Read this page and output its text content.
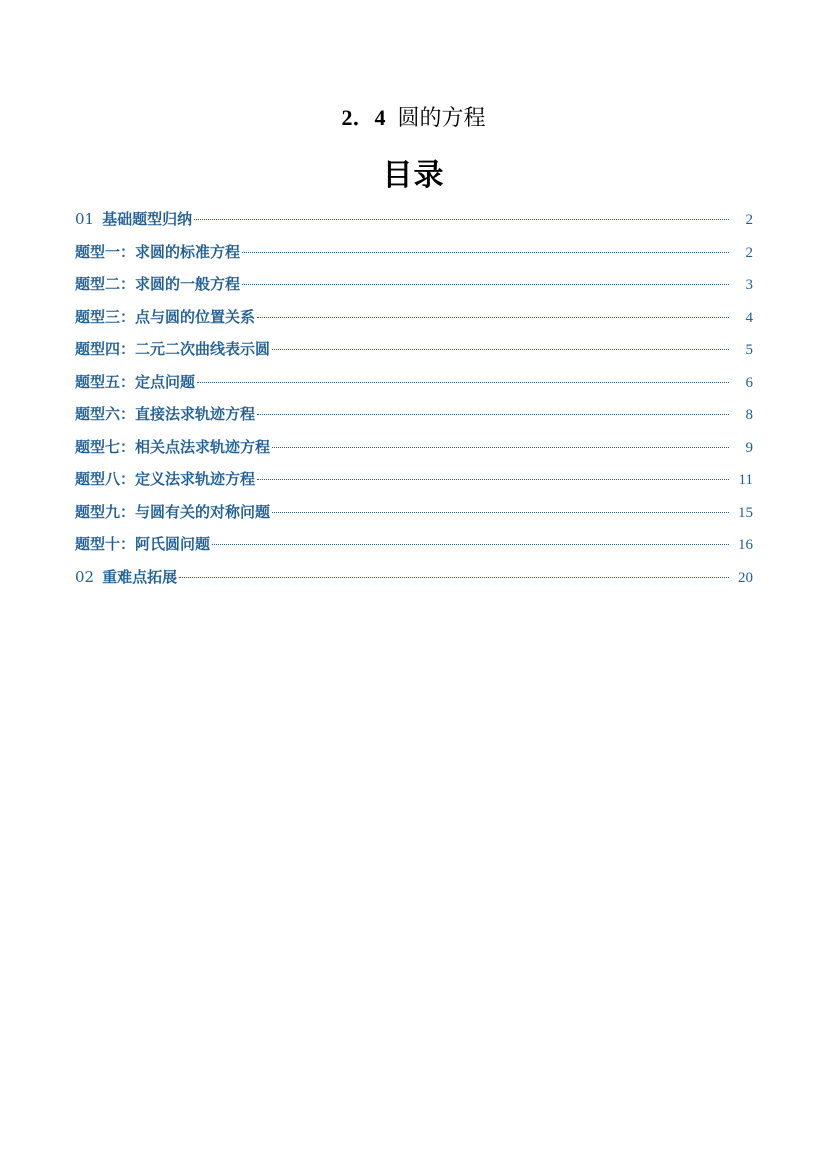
2．4 圆的方程
目录
01 基础题型归纳	2
题型一：求圆的标准方程	2
题型二：求圆的一般方程	3
题型三：点与圆的位置关系	4
题型四：二元二次曲线表示圆	5
题型五：定点问题	6
题型六：直接法求轨迹方程	8
题型七：相关点法求轨迹方程	9
题型八：定义法求轨迹方程	11
题型九：与圆有关的对称问题	15
题型十：阿氏圆问题	16
02 重难点拓展	20
